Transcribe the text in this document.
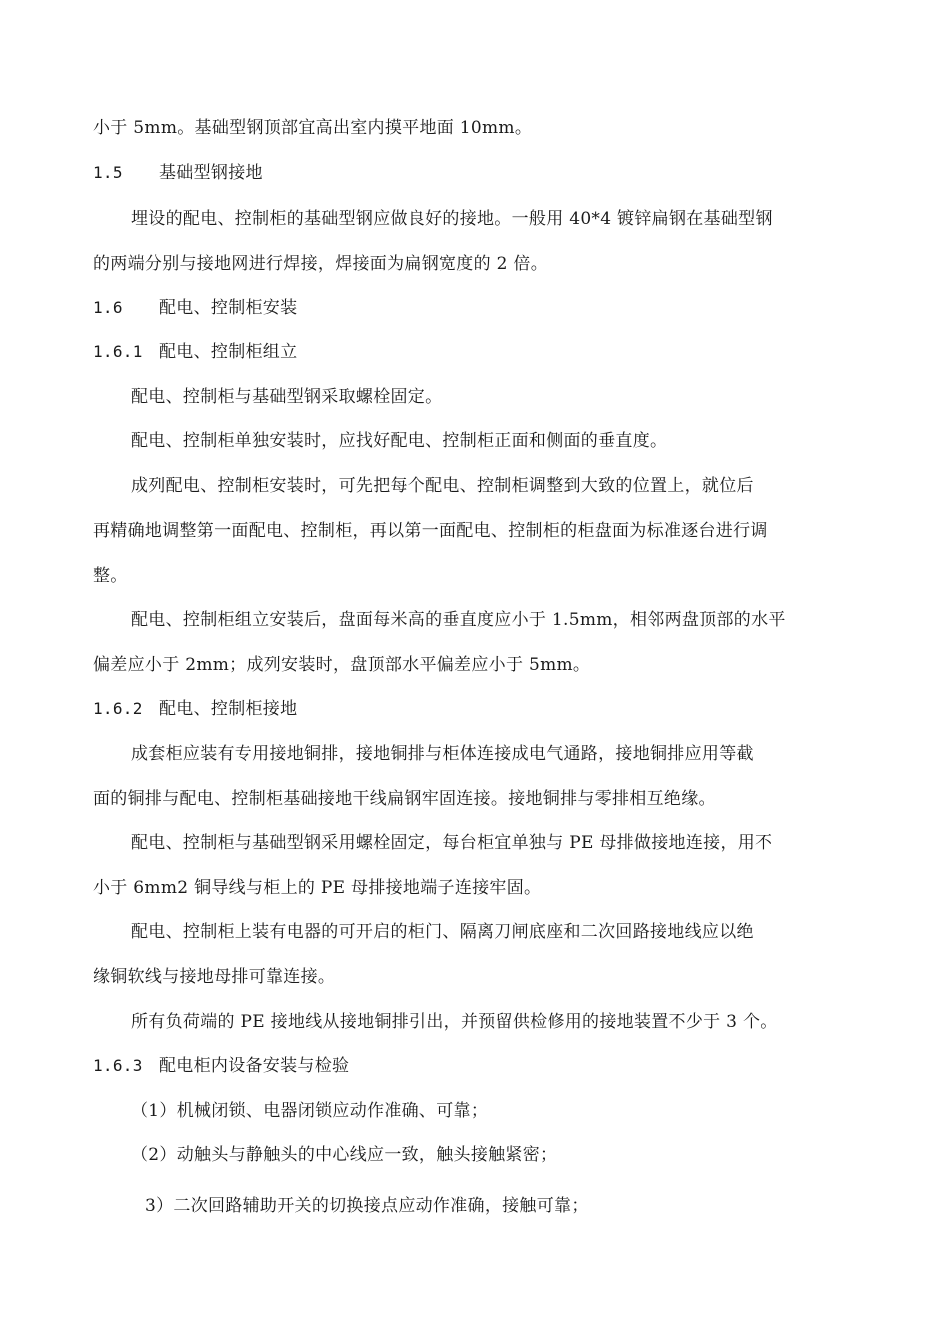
小于 5mm。基础型钢顶部宜高出室内摸平地面 10mm。
1.5 基础型钢接地
埋设的配电、控制柜的基础型钢应做良好的接地。一般用 40*4 镀锌扁钢在基础型钢
的两端分别与接地网进行焊接，焊接面为扁钢宽度的 2 倍。
1.6 配电、控制柜安装
1.6.1 配电、控制柜组立
配电、控制柜与基础型钢采取螺栓固定。
配电、控制柜单独安装时，应找好配电、控制柜正面和侧面的垂直度。
成列配电、控制柜安装时，可先把每个配电、控制柜调整到大致的位置上，就位后
再精确地调整第一面配电、控制柜，再以第一面配电、控制柜的柜盘面为标准逐台进行调
整。
配电、控制柜组立安装后，盘面每米高的垂直度应小于 1.5mm，相邻两盘顶部的水平
偏差应小于 2mm；成列安装时，盘顶部水平偏差应小于 5mm。
1.6.2 配电、控制柜接地
成套柜应装有专用接地铜排，接地铜排与柜体连接成电气通路，接地铜排应用等截
面的铜排与配电、控制柜基础接地干线扁钢牢固连接。接地铜排与零排相互绝缘。
配电、控制柜与基础型钢采用螺栓固定，每台柜宜单独与 PE 母排做接地连接，用不
小于 6mm2 铜导线与柜上的 PE 母排接地端子连接牢固。
配电、控制柜上装有电器的可开启的柜门、隔离刀闸底座和二次回路接地线应以绝
缘铜软线与接地母排可靠连接。
所有负荷端的 PE 接地线从接地铜排引出，并预留供检修用的接地装置不少于 3 个。
1.6.3 配电柜内设备安装与检验
（1）机械闭锁、电器闭锁应动作准确、可靠；
（2）动触头与静触头的中心线应一致，触头接触紧密；
3）二次回路辅助开关的切换接点应动作准确，接触可靠；
